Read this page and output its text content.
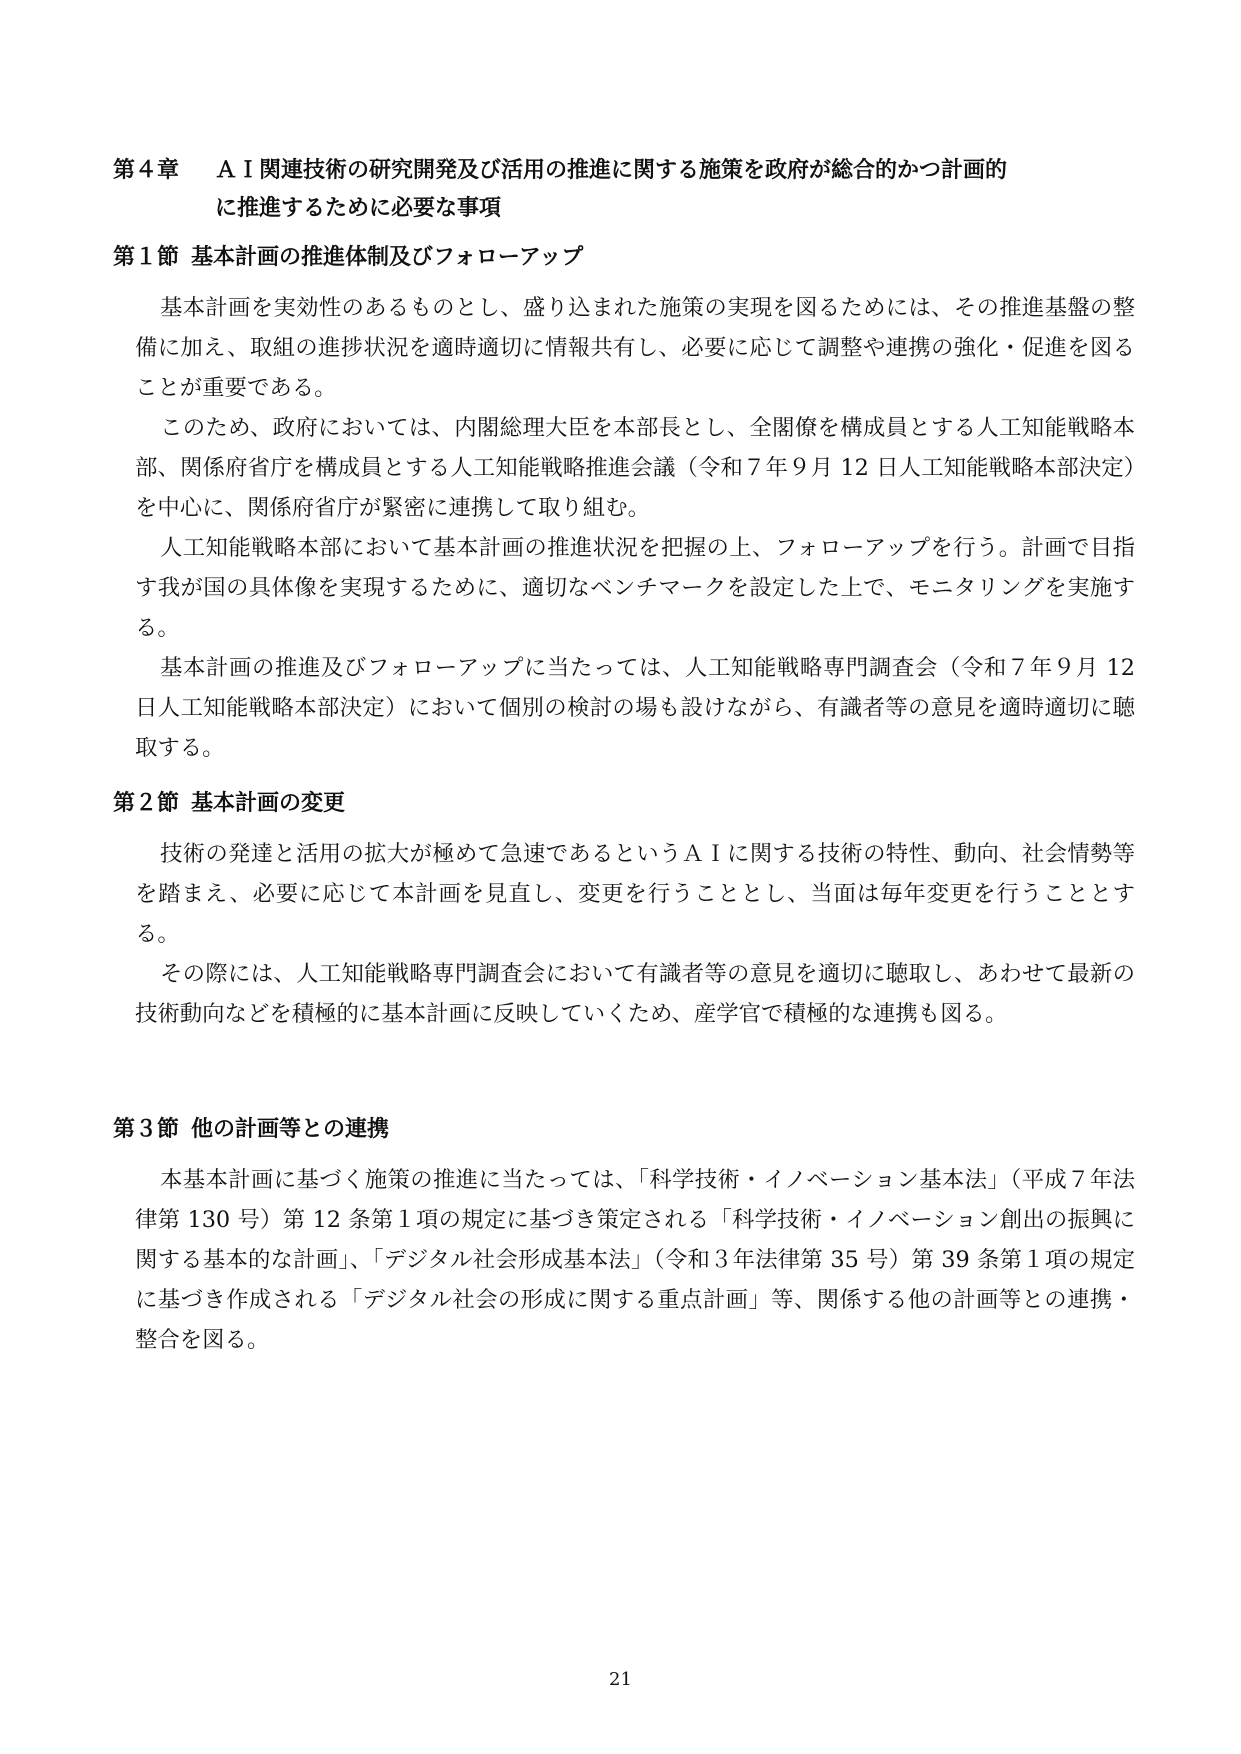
第４章 ＡＩ関連技術の研究開発及び活用の推進に関する施策を政府が総合的かつ計画的
に推進するために必要な事項
第１節 基本計画の推進体制及びフォローアップ

基本計画を実効性のあるものとし、盛り込まれた施策の実現を図るためには、その推進基盤の整備に加え、取組の進捗状況を適時適切に情報共有し、必要に応じて調整や連携の強化・促進を図ることが重要である。

このため、政府においては、内閣総理大臣を本部長とし、全閣僚を構成員とする人工知能戦略本部、関係府省庁を構成員とする人工知能戦略推進会議（令和７年９月 12 日人工知能戦略本部決定）を中心に、関係府省庁が緊密に連携して取り組む。

人工知能戦略本部において基本計画の推進状況を把握の上、フォローアップを行う。計画で目指す我が国の具体像を実現するために、適切なベンチマークを設定した上で、モニタリングを実施する。

基本計画の推進及びフォローアップに当たっては、人工知能戦略専門調査会（令和７年９月 12 日人工知能戦略本部決定）において個別の検討の場も設けながら、有識者等の意見を適時適切に聴取する。

第２節 基本計画の変更

技術の発達と活用の拡大が極めて急速であるというＡＩに関する技術の特性、動向、社会情勢等を踏まえ、必要に応じて本計画を見直し、変更を行うこととし、当面は毎年変更を行うこととする。

その際には、人工知能戦略専門調査会において有識者等の意見を適切に聴取し、あわせて最新の技術動向などを積極的に基本計画に反映していくため、産学官で積極的な連携も図る。

第３節 他の計画等との連携

本基本計画に基づく施策の推進に当たっては、「科学技術・イノベーション基本法」（平成７年法律第 130 号）第 12 条第１項の規定に基づき策定される「科学技術・イノベーション創出の振興に関する基本的な計画」、「デジタル社会形成基本法」（令和３年法律第 35 号）第 39 条第１項の規定に基づき作成される「デジタル社会の形成に関する重点計画」等、関係する他の計画等との連携・整合を図る。

21
